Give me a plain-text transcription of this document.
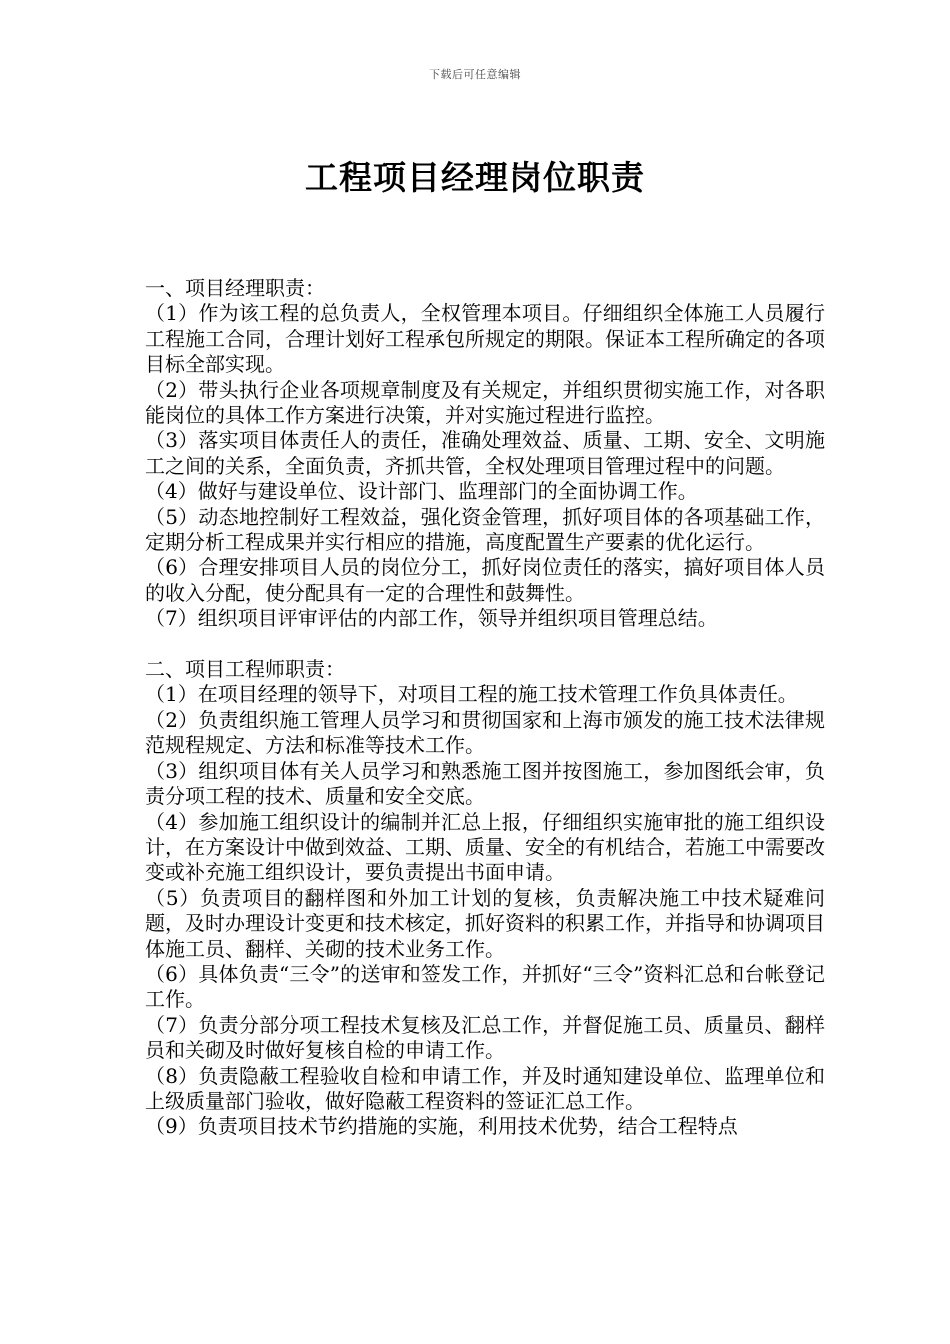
下载后可任意编辑
工程项目经理岗位职责

一、项目经理职责：

（1）作为该工程的总负责人，全权管理本项目。仔细组织全体施工人员履行工程施工合同，合理计划好工程承包所规定的期限。保证本工程所确定的各项目标全部实现。

（2）带头执行企业各项规章制度及有关规定，并组织贯彻实施工作，对各职能岗位的具体工作方案进行决策，并对实施过程进行监控。

（3）落实项目体责任人的责任，准确处理效益、质量、工期、安全、文明施工之间的关系，全面负责，齐抓共管，全权处理项目管理过程中的问题。

（4）做好与建设单位、设计部门、监理部门的全面协调工作。

（5）动态地控制好工程效益，强化资金管理，抓好项目体的各项基础工作，定期分析工程成果并实行相应的措施，高度配置生产要素的优化运行。

（6）合理安排项目人员的岗位分工，抓好岗位责任的落实，搞好项目体人员的收入分配，使分配具有一定的合理性和鼓舞性。

（7）组织项目评审评估的内部工作，领导并组织项目管理总结。

二、项目工程师职责：

（1）在项目经理的领导下，对项目工程的施工技术管理工作负具体责任。

（2）负责组织施工管理人员学习和贯彻国家和上海市颁发的施工技术法律规范规程规定、方法和标准等技术工作。

（3）组织项目体有关人员学习和熟悉施工图并按图施工，参加图纸会审，负责分项工程的技术、质量和安全交底。

（4）参加施工组织设计的编制并汇总上报，仔细组织实施审批的施工组织设计，在方案设计中做到效益、工期、质量、安全的有机结合，若施工中需要改变或补充施工组织设计，要负责提出书面申请。

（5）负责项目的翻样图和外加工计划的复核，负责解决施工中技术疑难问题，及时办理设计变更和技术核定，抓好资料的积累工作，并指导和协调项目体施工员、翻样、关砌的技术业务工作。

（6）具体负责“三令”的送审和签发工作，并抓好“三令”资料汇总和台帐登记工作。

（7）负责分部分项工程技术复核及汇总工作，并督促施工员、质量员、翻样员和关砌及时做好复核自检的申请工作。

（8）负责隐蔽工程验收自检和申请工作，并及时通知建设单位、监理单位和上级质量部门验收，做好隐蔽工程资料的签证汇总工作。

（9）负责项目技术节约措施的实施，利用技术优势，结合工程特点
